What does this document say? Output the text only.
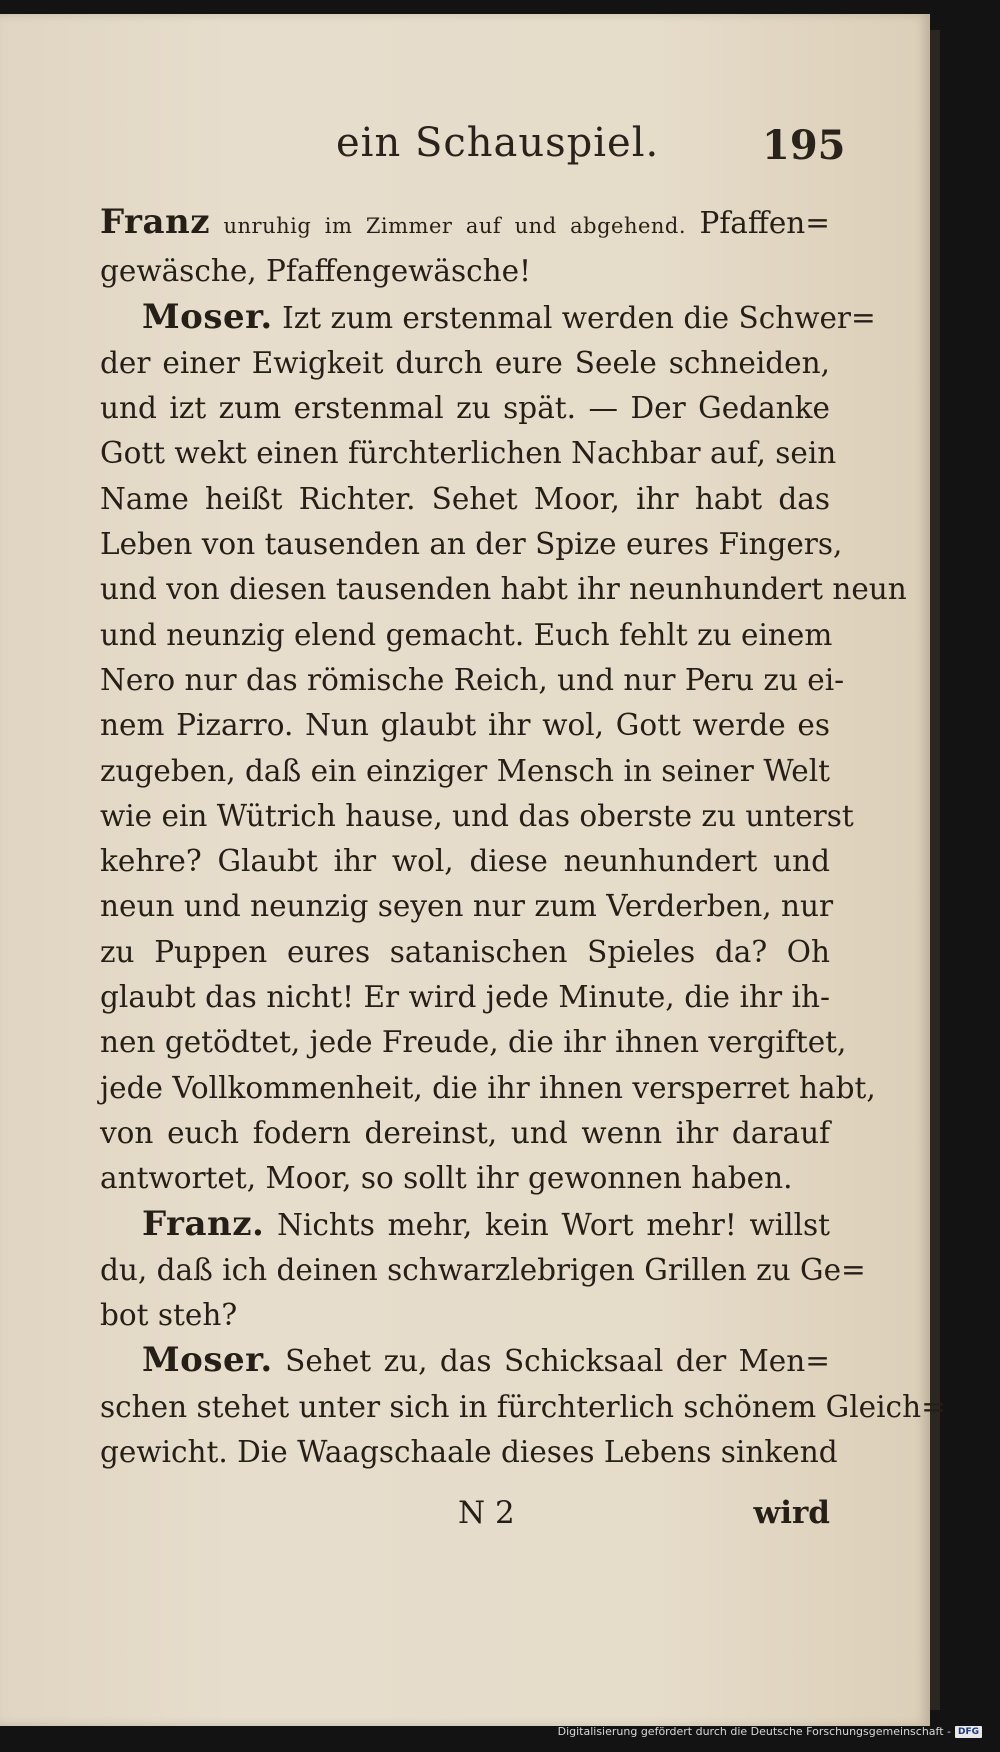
ein Schauspiel.	195
Franz unruhig im Zimmer auf und abgehend. Pfaffen=
gewäsche, Pfaffengewäsche!
Moser. Izt zum erstenmal werden die Schwer=
der einer Ewigkeit durch eure Seele schneiden,
und izt zum erstenmal zu spät. — Der Gedanke
Gott wekt einen fürchterlichen Nachbar auf, sein
Name heißt Richter. Sehet Moor, ihr habt das
Leben von tausenden an der Spize eures Fingers,
und von diesen tausenden habt ihr neunhundert neun
und neunzig elend gemacht. Euch fehlt zu einem
Nero nur das römische Reich, und nur Peru zu ei-
nem Pizarro. Nun glaubt ihr wol, Gott werde es
zugeben, daß ein einziger Mensch in seiner Welt
wie ein Wütrich hause, und das oberste zu unterst
kehre? Glaubt ihr wol, diese neunhundert und
neun und neunzig seyen nur zum Verderben, nur
zu Puppen eures satanischen Spieles da? Oh
glaubt das nicht! Er wird jede Minute, die ihr ih-
nen getödtet, jede Freude, die ihr ihnen vergiftet,
jede Vollkommenheit, die ihr ihnen versperret habt,
von euch fodern dereinst, und wenn ihr darauf
antwortet, Moor, so sollt ihr gewonnen haben.
Franz. Nichts mehr, kein Wort mehr! willst
du, daß ich deinen schwarzlebrigen Grillen zu Ge=
bot steh?
Moser. Sehet zu, das Schicksaal der Men=
schen stehet unter sich in fürchterlich schönem Gleich=
gewicht. Die Waagschaale dieses Lebens sinkend
N 2	wird
Digitalisierung gefördert durch die Deutsche Forschungsgemeinschaft - DFG
